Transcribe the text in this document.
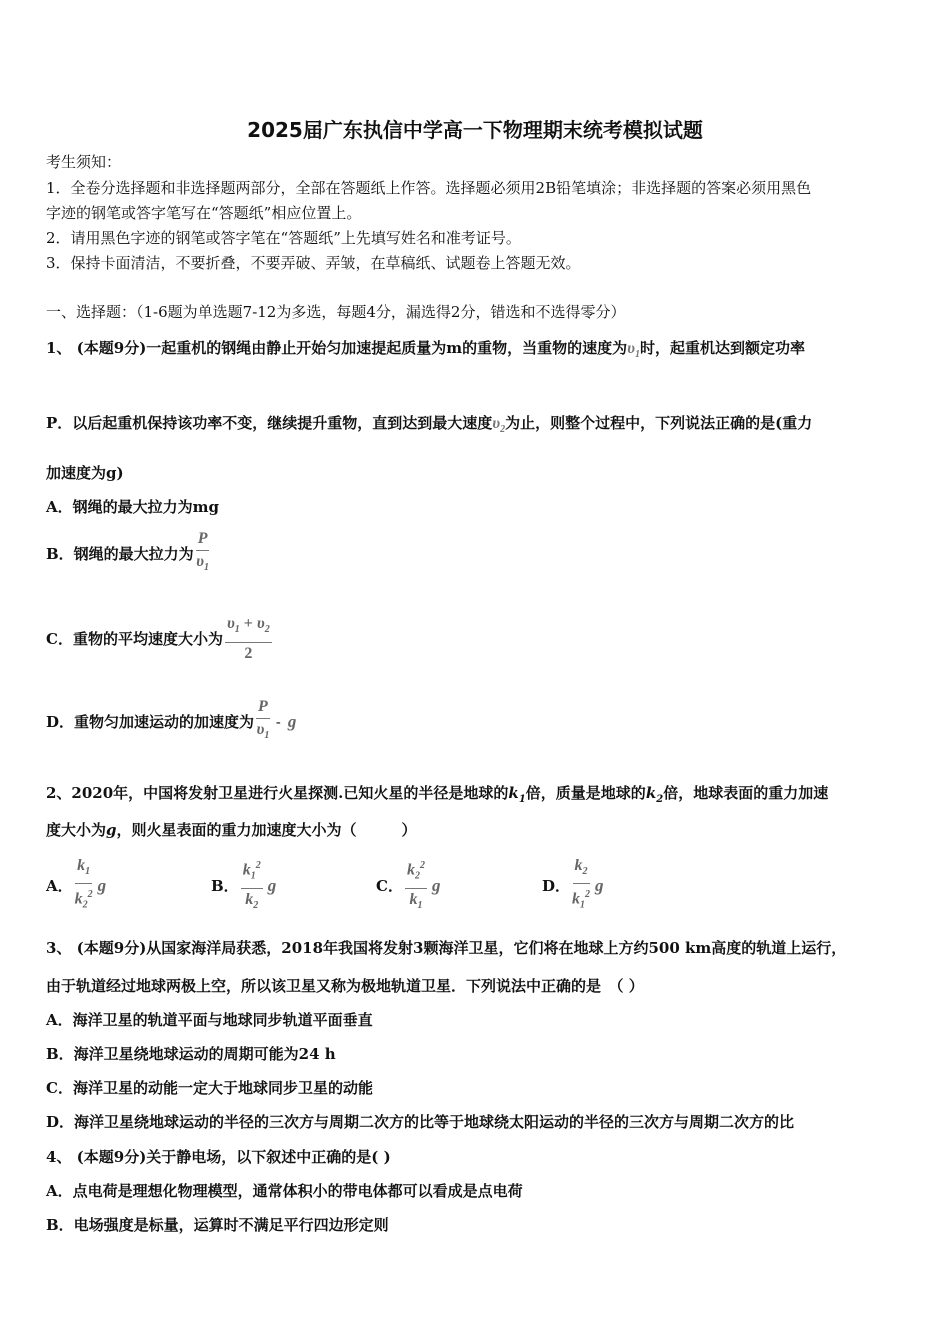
2025届广东执信中学高一下物理期末统考模拟试题
考生须知：
1．全卷分选择题和非选择题两部分，全部在答题纸上作答。选择题必须用2B铅笔填涂；非选择题的答案必须用黑色
字迹的钢笔或答字笔写在“答题纸”相应位置上。
2．请用黑色字迹的钢笔或答字笔在“答题纸”上先填写姓名和准考证号。
3．保持卡面清洁，不要折叠，不要弄破、弄皱，在草稿纸、试题卷上答题无效。
一、选择题：（1-6题为单选题7-12为多选，每题4分，漏选得2分，错选和不选得零分）
1、 (本题9分)一起重机的钢绳由静止开始匀加速提起质量为m的重物，当重物的速度为$\upsilon_1$时，起重机达到额定功率
P．以后起重机保持该功率不变，继续提升重物，直到达到最大速度$\upsilon_2$为止，则整个过程中，下列说法正确的是(重力
加速度为g)
A．钢绳的最大拉力为mg
B．钢绳的最大拉力为 $\frac{P}{\upsilon_1}$
C．重物的平均速度大小为 $\frac{\upsilon_1 + \upsilon_2}{2}$
D．重物匀加速运动的加速度为 $\frac{P}{\upsilon_1}$ - g
2、2020年，中国将发射卫星进行火星探测.已知火星的半径是地球的$k_1$倍，质量是地球的$k_2$倍，地球表面的重力加速
度大小为g，则火星表面的重力加速度大小为（　　　）
A． $\frac{k_1}{k_2^2}$ g	B． $\frac{k_1^2}{k_2}$ g	C． $\frac{k_2^2}{k_1}$ g	D． $\frac{k_2}{k_1^2}$ g
3、 (本题9分)从国家海洋局获悉，2018年我国将发射3颗海洋卫星，它们将在地球上方约500 km高度的轨道上运行，
由于轨道经过地球两极上空，所以该卫星又称为极地轨道卫星．下列说法中正确的是　（ ）
A．海洋卫星的轨道平面与地球同步轨道平面垂直
B．海洋卫星绕地球运动的周期可能为24 h
C．海洋卫星的动能一定大于地球同步卫星的动能
D．海洋卫星绕地球运动的半径的三次方与周期二次方的比等于地球绕太阳运动的半径的三次方与周期二次方的比
4、 (本题9分)关于静电场，以下叙述中正确的是( )
A．点电荷是理想化物理模型，通常体积小的带电体都可以看成是点电荷
B．电场强度是标量，运算时不满足平行四边形定则
